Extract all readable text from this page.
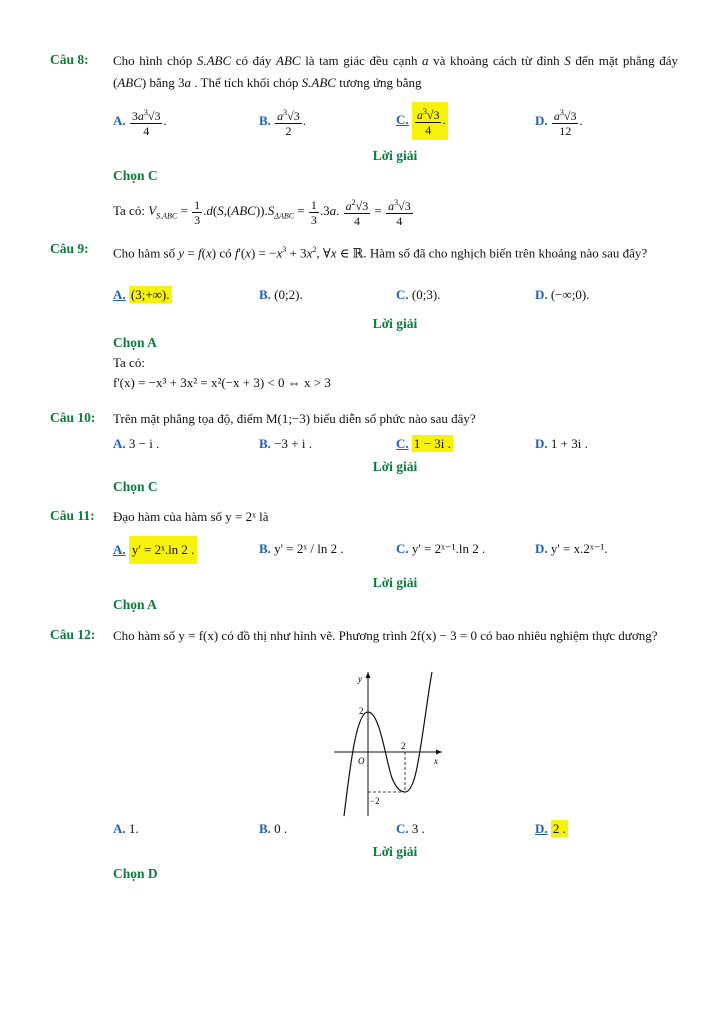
Câu 8: Cho hình chóp S.ABC có đáy ABC là tam giác đều cạnh a và khoảng cách từ đỉnh S đến mặt phẳng đáy (ABC) bằng 3a . Thể tích khối chóp S.ABC tương ứng bằng
A. $\frac{3a^3√3}{4}$ .	B. $\frac{a^3√3}{2}$ .	C. $\frac{a^3√3}{4}$ .	D. $\frac{a^3√3}{12}$ .
Lời giải
Chọn C
Ta có: $V_{S.ABC} = \frac{1}{3} .d(S,(ABC)).S_{\Delta ABC} = \frac{1}{3} .3a$. $\frac{a^2√3}{4} = \frac{a^3√3}{4}$
Câu 9: Cho hàm số y = f(x) có $f'(x) = -x^3 + 3x^2$, ∀x ∈ ℝ. Hàm số đã cho nghịch biến trên khoảng nào sau đây?
A. (3;+∞).	B. (0;2).	C. (0;3).	D. (−∞;0).
Lời giải
Chọn A
Ta có:
f'(x) = −x³ + 3x² = x²(−x + 3) < 0 ⇔ x > 3
Câu 10: Trên mặt phẳng tọa độ, điểm M(1;−3) biểu diễn số phức nào sau đây?
A. 3 − i .	B. −3 + i .	C. 1 − 3i .	D. 1 + 3i .
Lời giải
Chọn C
Câu 11: Đạo hàm của hàm số y = 2ˣ là
A. y' = 2ˣ.ln 2 .	B. y' = 2ˣ / ln 2 .	C. y' = 2ˣ⁻¹.ln 2 .	D. y' = x.2ˣ⁻¹.
Lời giải
Chọn A
Câu 12: Cho hàm số y = f(x) có đồ thị như hình vẽ. Phương trình 2f(x) − 3 = 0 có bao nhiêu nghiệm thực dương?
y
x
O
2
2
−2
A. 1.	B. 0 .	C. 3 .	D. 2 .
Lời giải
Chọn D
